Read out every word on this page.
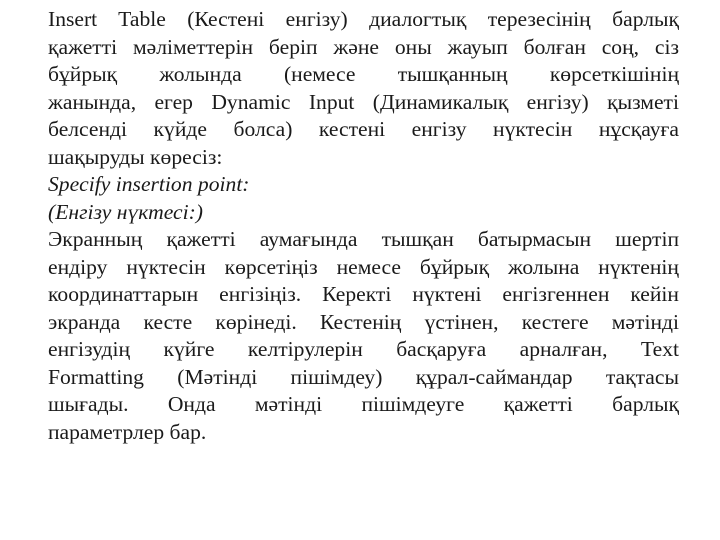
Insert Table (Кестені енгізу) диалогтық терезесінің барлық
қажетті мәліметтерін беріп және оны жауып болған соң, сіз
бұйрық жолында (немесе тышқанның көрсеткішінің
жанында, егер Dynamic Input (Динамикалық енгізу) қызметі
белсенді күйде болса) кестені енгізу нүктесін нұсқауға
шақыруды көресіз:
Specify insertion point:
(Енгізу нүктесі:)
Экранның қажетті аумағында тышқан батырмасын шертіп
ендіру нүктесін көрсетіңіз немесе бұйрық жолына нүктенің
координаттарын енгізіңіз. Керекті нүктені енгізгеннен кейін
экранда кесте көрінеді. Кестенің үстінен, кестеге мәтінді
енгізудің күйге келтірулерін басқаруға арналған, Text
Formatting (Мәтінді пішімдеу) құрал-саймандар тақтасы
шығады. Онда мәтінді пішімдеуге қажетті барлық
параметрлер бар.
